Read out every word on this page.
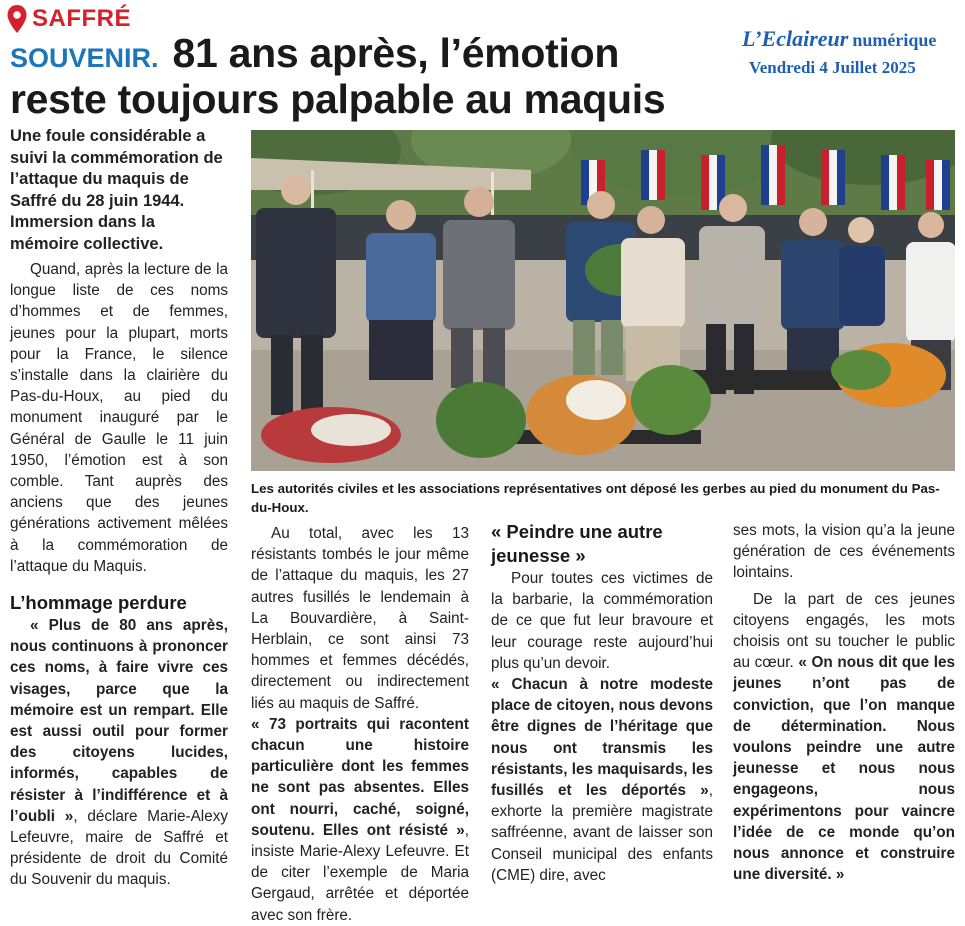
SAFFRÉ
SOUVENIR. 81 ans après, l’émotion
reste toujours palpable au maquis
L’Eclaireur numérique
Vendredi 4 Juillet 2025

Une foule considérable a suivi la commémoration de l’attaque du maquis de Saffré du 28 juin 1944. Immersion dans la mémoire collective.

Quand, après la lecture de la longue liste de ces noms d’hommes et de femmes, jeunes pour la plupart, morts pour la France, le silence s’installe dans la clairière du Pas-du-Houx, au pied du monument inauguré par le Général de Gaulle le 11 juin 1950, l’émotion est à son comble. Tant auprès des anciens que des jeunes générations activement mêlées à la commémoration de l’attaque du Maquis.

L’hommage perdure

« Plus de 80 ans après, nous continuons à prononcer ces noms, à faire vivre ces visages, parce que la mémoire est un rempart. Elle est aussi outil pour former des citoyens lucides, informés, capables de résister à l’indifférence et à l’oubli », déclare Marie-Alexy Lefeuvre, maire de Saffré et présidente de droit du Comité du Souvenir du maquis.

Les autorités civiles et les associations représentatives ont déposé les gerbes au pied du monument du Pas-du-Houx.

Au total, avec les 13 résistants tombés le jour même de l’attaque du maquis, les 27 autres fusillés le lendemain à La Bouvardière, à Saint-Herblain, ce sont ainsi 73 hommes et femmes décédés, directement ou indirectement liés au maquis de Saffré.

« 73 portraits qui racontent chacun une histoire particulière dont les femmes ne sont pas absentes. Elles ont nourri, caché, soigné, soutenu. Elles ont résisté », insiste Marie-Alexy Lefeuvre. Et de citer l’exemple de Maria Gergaud, arrêtée et déportée avec son frère.

« Peindre une autre jeunesse »

Pour toutes ces victimes de la barbarie, la commémoration de ce que fut leur bravoure et leur courage reste aujourd’hui plus qu’un devoir.

« Chacun à notre modeste place de citoyen, nous devons être dignes de l’héritage que nous ont transmis les résistants, les maquisards, les fusillés et les déportés », exhorte la première magistrate saffréenne, avant de laisser son Conseil municipal des enfants (CME) dire, avec

ses mots, la vision qu’a la jeune génération de ces événements lointains.

De la part de ces jeunes citoyens engagés, les mots choisis ont su toucher le public au cœur. « On nous dit que les jeunes n’ont pas de conviction, que l’on manque de détermination. Nous voulons peindre une autre jeunesse et nous nous engageons, nous expérimentons pour vaincre l’idée de ce monde qu’on nous annonce et construire une diversité. »
